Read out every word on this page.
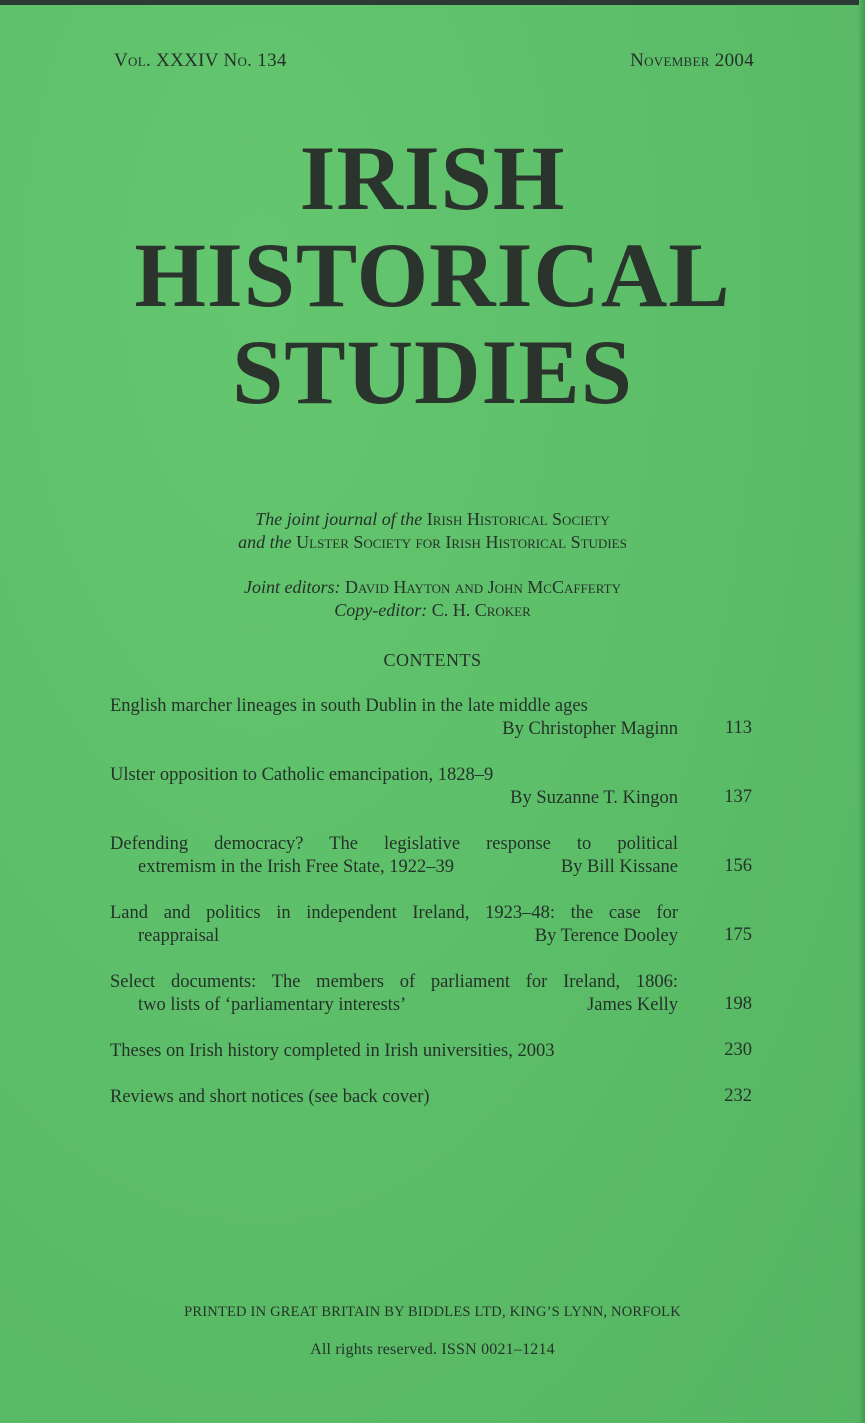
Vol. XXXIV No. 134	November 2004
IRISH
HISTORICAL
STUDIES
The joint journal of the Irish Historical Society
and the Ulster Society for Irish Historical Studies
Joint editors: David Hayton and John McCafferty
Copy-editor: C. H. Croker
CONTENTS
English marcher lineages in south Dublin in the late middle ages
By Christopher Maginn	113
Ulster opposition to Catholic emancipation, 1828–9
By Suzanne T. Kingon	137
Defending democracy? The legislative response to political
extremism in the Irish Free State, 1922–39	By Bill Kissane	156
Land and politics in independent Ireland, 1923–48: the case for
reappraisal	By Terence Dooley	175
Select documents: The members of parliament for Ireland, 1806:
two lists of ‘parliamentary interests’	James Kelly	198
Theses on Irish history completed in Irish universities, 2003	230
Reviews and short notices (see back cover)	232
PRINTED IN GREAT BRITAIN BY BIDDLES LTD, KING’S LYNN, NORFOLK
All rights reserved. ISSN 0021–1214
